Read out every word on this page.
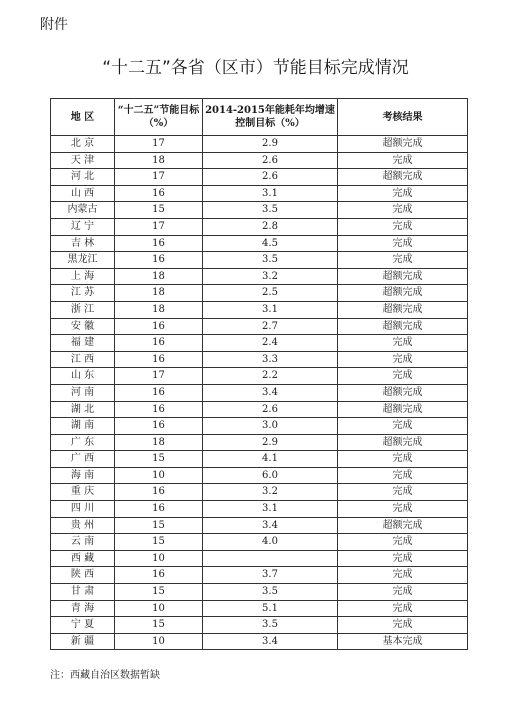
附件
“十二五”各省（区市）节能目标完成情况
地 区	“十二五”节能目标（%）	2014-2015年能耗年均增速控制目标（%）	考核结果
北 京	17	2.9	超额完成
天 津	18	2.6	完成
河 北	17	2.6	超额完成
山 西	16	3.1	完成
内蒙古	15	3.5	完成
辽 宁	17	2.8	完成
吉 林	16	4.5	完成
黑龙江	16	3.5	完成
上 海	18	3.2	超额完成
江 苏	18	2.5	超额完成
浙 江	18	3.1	超额完成
安 徽	16	2.7	超额完成
福 建	16	2.4	完成
江 西	16	3.3	完成
山 东	17	2.2	完成
河 南	16	3.4	超额完成
湖 北	16	2.6	超额完成
湖 南	16	3.0	完成
广 东	18	2.9	超额完成
广 西	15	4.1	完成
海 南	10	6.0	完成
重 庆	16	3.2	完成
四 川	16	3.1	完成
贵 州	15	3.4	超额完成
云 南	15	4.0	完成
西 藏	10		完成
陕 西	16	3.7	完成
甘 肃	15	3.5	完成
青 海	10	5.1	完成
宁 夏	15	3.5	完成
新 疆	10	3.4	基本完成
注：西藏自治区数据暂缺
